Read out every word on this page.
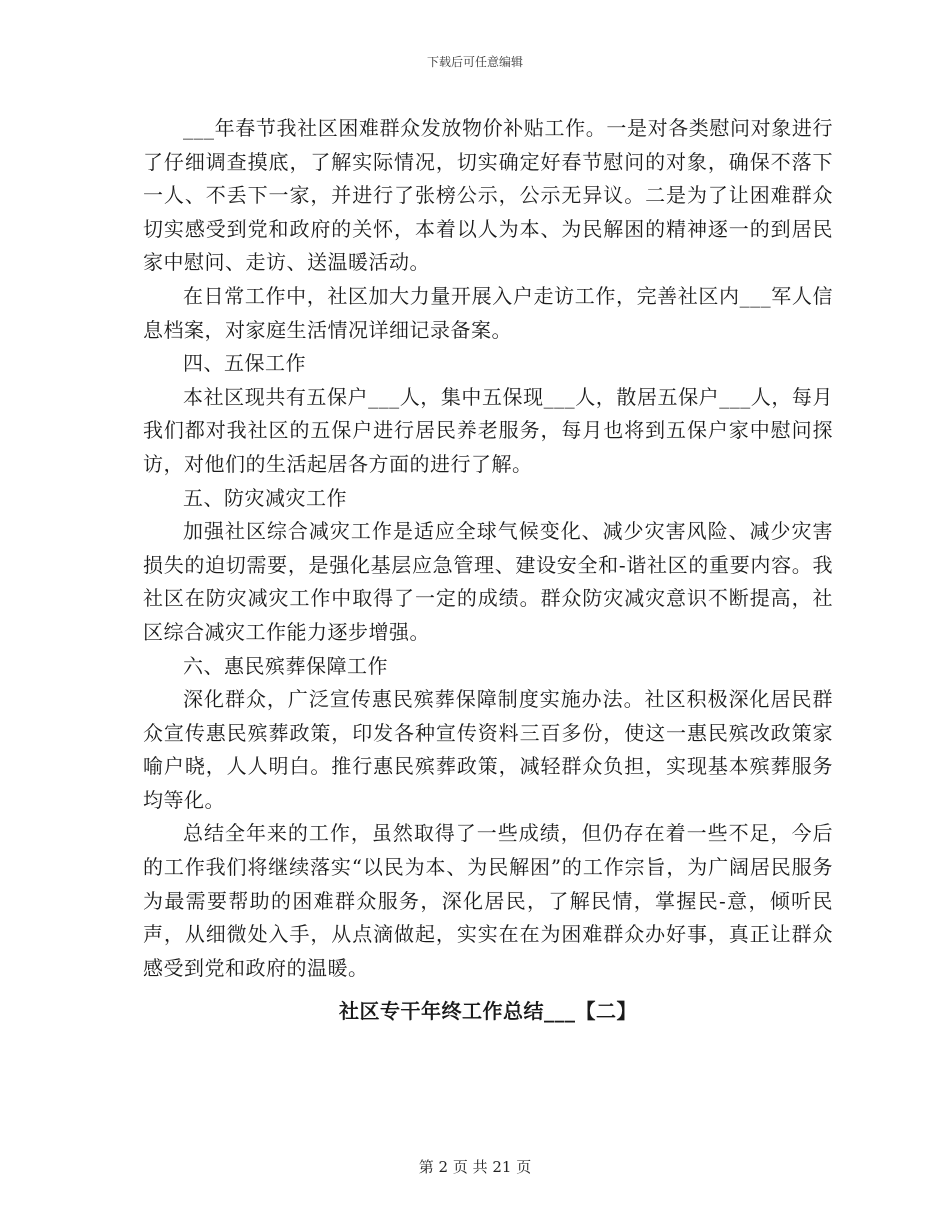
下载后可任意编辑

___年春节我社区困难群众发放物价补贴工作。一是对各类慰问对象进行了仔细调查摸底，了解实际情况，切实确定好春节慰问的对象，确保不落下一人、不丢下一家，并进行了张榜公示，公示无异议。二是为了让困难群众切实感受到党和政府的关怀，本着以人为本、为民解困的精神逐一的到居民家中慰问、走访、送温暖活动。

在日常工作中，社区加大力量开展入户走访工作，完善社区内___军人信息档案，对家庭生活情况详细记录备案。

四、五保工作

本社区现共有五保户___人，集中五保现___人，散居五保户___人，每月我们都对我社区的五保户进行居民养老服务，每月也将到五保户家中慰问探访，对他们的生活起居各方面的进行了解。

五、防灾减灾工作

加强社区综合减灾工作是适应全球气候变化、减少灾害风险、减少灾害损失的迫切需要，是强化基层应急管理、建设安全和-谐社区的重要内容。我社区在防灾减灾工作中取得了一定的成绩。群众防灾减灾意识不断提高，社区综合减灾工作能力逐步增强。

六、惠民殡葬保障工作

深化群众，广泛宣传惠民殡葬保障制度实施办法。社区积极深化居民群众宣传惠民殡葬政策，印发各种宣传资料三百多份，使这一惠民殡改政策家喻户晓，人人明白。推行惠民殡葬政策，减轻群众负担，实现基本殡葬服务均等化。

总结全年来的工作，虽然取得了一些成绩，但仍存在着一些不足，今后的工作我们将继续落实“以民为本、为民解困”的工作宗旨，为广阔居民服务为最需要帮助的困难群众服务，深化居民，了解民情，掌握民-意，倾听民声，从细微处入手，从点滴做起，实实在在为困难群众办好事，真正让群众感受到党和政府的温暖。

社区专干年终工作总结___【二】

第 2 页 共 21 页
